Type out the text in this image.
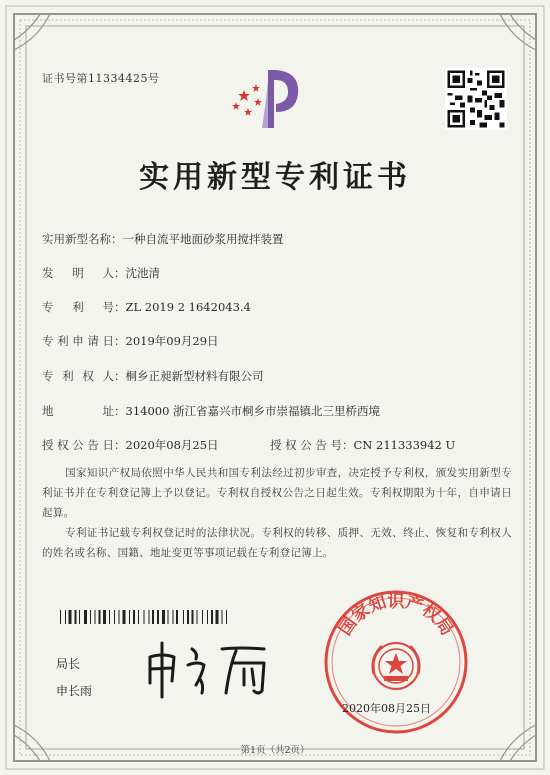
证书号第11334425号
实用新型专利证书
实用新型名称：一种自流平地面砂浆用搅拌装置
发　明　人：沈池清
专　利　号：ZL 2019 2 1642043.4
专利申请日：2019年09月29日
专利权人：桐乡正昶新型材料有限公司
地　　　址：314000 浙江省嘉兴市桐乡市崇福镇北三里桥西境
授权公告日：2020年08月25日	授权公告号：CN 211333942 U
国家知识产权局依照中华人民共和国专利法经过初步审查，决定授予专利权，颁发实用新型专利证书并在专利登记簿上予以登记。专利权自授权公告之日起生效。专利权期限为十年，自申请日起算。
专利证书记载专利权登记时的法律状况。专利权的转移、质押、无效、终止、恢复和专利权人的姓名或名称、国籍、地址变更等事项记载在专利登记簿上。
局长
申长雨
国家知识产权局
2020年08月25日
第1页（共2页）
